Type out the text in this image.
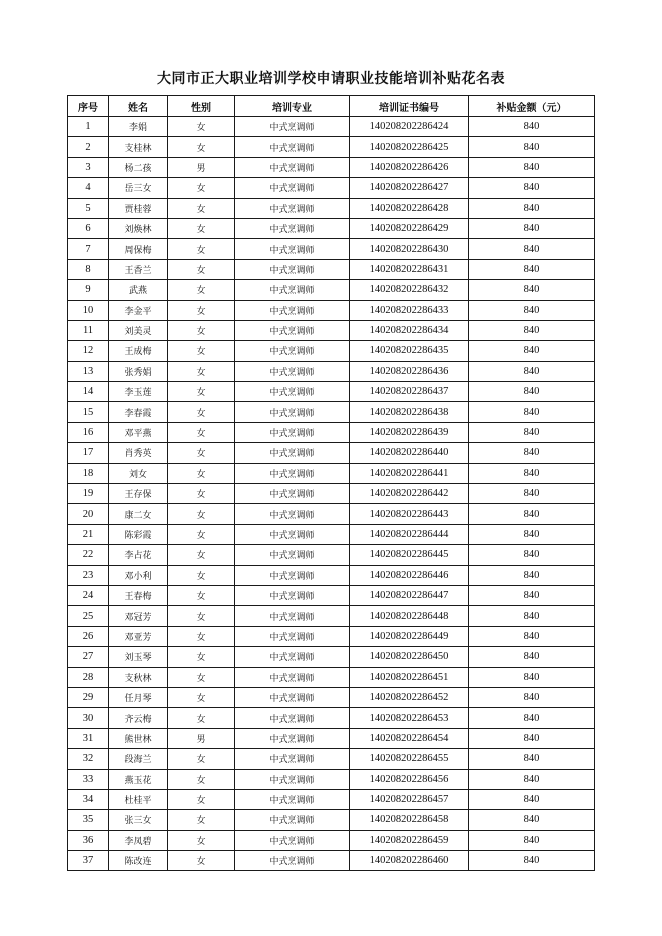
大同市正大职业培训学校申请职业技能培训补贴花名表
序号	姓名	性别	培训专业	培训证书编号	补贴金额（元）
1	李娟	女	中式烹调师	140208202286424	840
2	支桂林	女	中式烹调师	140208202286425	840
3	杨二孩	男	中式烹调师	140208202286426	840
4	岳三女	女	中式烹调师	140208202286427	840
5	贾桂蓉	女	中式烹调师	140208202286428	840
6	刘焕林	女	中式烹调师	140208202286429	840
7	周保梅	女	中式烹调师	140208202286430	840
8	王香兰	女	中式烹调师	140208202286431	840
9	武燕	女	中式烹调师	140208202286432	840
10	李金平	女	中式烹调师	140208202286433	840
11	刘美灵	女	中式烹调师	140208202286434	840
12	王成梅	女	中式烹调师	140208202286435	840
13	张秀娟	女	中式烹调师	140208202286436	840
14	李玉莲	女	中式烹调师	140208202286437	840
15	李春霞	女	中式烹调师	140208202286438	840
16	邓平燕	女	中式烹调师	140208202286439	840
17	肖秀英	女	中式烹调师	140208202286440	840
18	刘女	女	中式烹调师	140208202286441	840
19	王存保	女	中式烹调师	140208202286442	840
20	康二女	女	中式烹调师	140208202286443	840
21	陈彩霞	女	中式烹调师	140208202286444	840
22	李占花	女	中式烹调师	140208202286445	840
23	邓小利	女	中式烹调师	140208202286446	840
24	王春梅	女	中式烹调师	140208202286447	840
25	邓冠芳	女	中式烹调师	140208202286448	840
26	邓亚芳	女	中式烹调师	140208202286449	840
27	刘玉琴	女	中式烹调师	140208202286450	840
28	支秋林	女	中式烹调师	140208202286451	840
29	任月琴	女	中式烹调师	140208202286452	840
30	齐云梅	女	中式烹调师	140208202286453	840
31	熊世林	男	中式烹调师	140208202286454	840
32	段海兰	女	中式烹调师	140208202286455	840
33	燕玉花	女	中式烹调师	140208202286456	840
34	杜桂平	女	中式烹调师	140208202286457	840
35	张三女	女	中式烹调师	140208202286458	840
36	李凤碧	女	中式烹调师	140208202286459	840
37	陈改连	女	中式烹调师	140208202286460	840
